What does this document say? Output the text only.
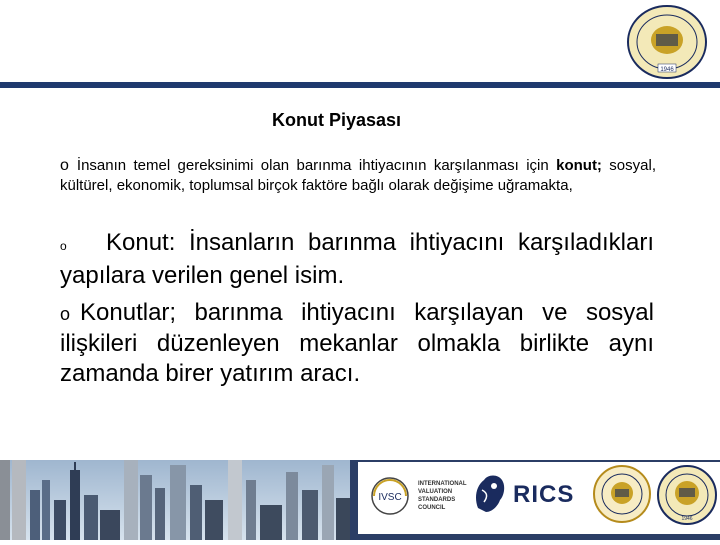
1946
Konut Piyasası
o İnsanın temel gereksinimi olan barınma ihtiyacının karşılanması için konut; sosyal, kültürel, ekonomik, toplumsal birçok faktöre bağlı olarak değişime uğramakta,
o Konut: İnsanların barınma ihtiyacını karşıladıkları yapılara verilen genel isim.
o Konutlar; barınma ihtiyacını karşılayan ve sosyal ilişkileri düzenleyen mekanlar olmakla birlikte aynı zamanda birer yatırım aracı.
IVSC
INTERNATIONAL VALUATION STANDARDS COUNCIL	RICS
1946
